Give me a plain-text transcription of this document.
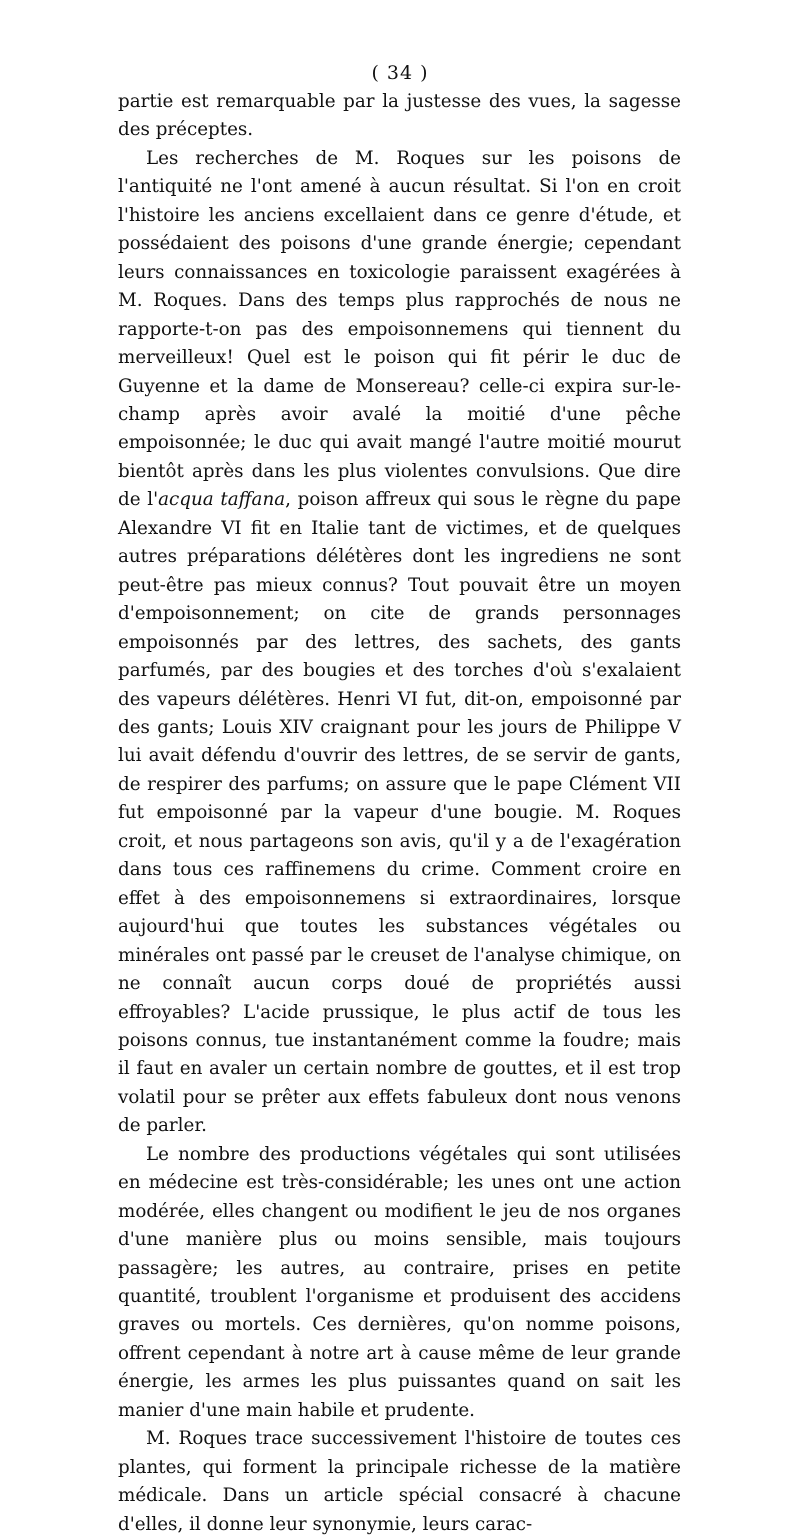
( 34 )

partie est remarquable par la justesse des vues, la sagesse des préceptes.

Les recherches de M. Roques sur les poisons de l'antiquité ne l'ont amené à aucun résultat. Si l'on en croit l'histoire les anciens excellaient dans ce genre d'étude, et possédaient des poisons d'une grande énergie; cependant leurs connaissances en toxicologie paraissent exagérées à M. Roques. Dans des temps plus rapprochés de nous ne rapporte-t-on pas des empoisonnemens qui tiennent du merveilleux! Quel est le poison qui fit périr le duc de Guyenne et la dame de Monsereau? celle-ci expira sur-le-champ après avoir avalé la moitié d'une pêche empoisonnée; le duc qui avait mangé l'autre moitié mourut bientôt après dans les plus violentes convulsions. Que dire de l'acqua taffana, poison affreux qui sous le règne du pape Alexandre VI fit en Italie tant de victimes, et de quelques autres préparations délétères dont les ingrediens ne sont peut-être pas mieux connus? Tout pouvait être un moyen d'empoisonnement; on cite de grands personnages empoisonnés par des lettres, des sachets, des gants parfumés, par des bougies et des torches d'où s'exalaient des vapeurs délétères. Henri VI fut, dit-on, empoisonné par des gants; Louis XIV craignant pour les jours de Philippe V lui avait défendu d'ouvrir des lettres, de se servir de gants, de respirer des parfums; on assure que le pape Clément VII fut empoisonné par la vapeur d'une bougie. M. Roques croit, et nous partageons son avis, qu'il y a de l'exagération dans tous ces raffinemens du crime. Comment croire en effet à des empoisonnemens si extraordinaires, lorsque aujourd'hui que toutes les substances végétales ou minérales ont passé par le creuset de l'analyse chimique, on ne connaît aucun corps doué de propriétés aussi effroyables? L'acide prussique, le plus actif de tous les poisons connus, tue instantanément comme la foudre; mais il faut en avaler un certain nombre de gouttes, et il est trop volatil pour se prêter aux effets fabuleux dont nous venons de parler.

Le nombre des productions végétales qui sont utilisées en médecine est très-considérable; les unes ont une action modérée, elles changent ou modifient le jeu de nos organes d'une manière plus ou moins sensible, mais toujours passagère; les autres, au contraire, prises en petite quantité, troublent l'organisme et produisent des accidens graves ou mortels. Ces dernières, qu'on nomme poisons, offrent cependant à notre art à cause même de leur grande énergie, les armes les plus puissantes quand on sait les manier d'une main habile et prudente.

M. Roques trace successivement l'histoire de toutes ces plantes, qui forment la principale richesse de la matière médicale. Dans un article spécial consacré à chacune d'elles, il donne leur synonymie, leurs carac-
